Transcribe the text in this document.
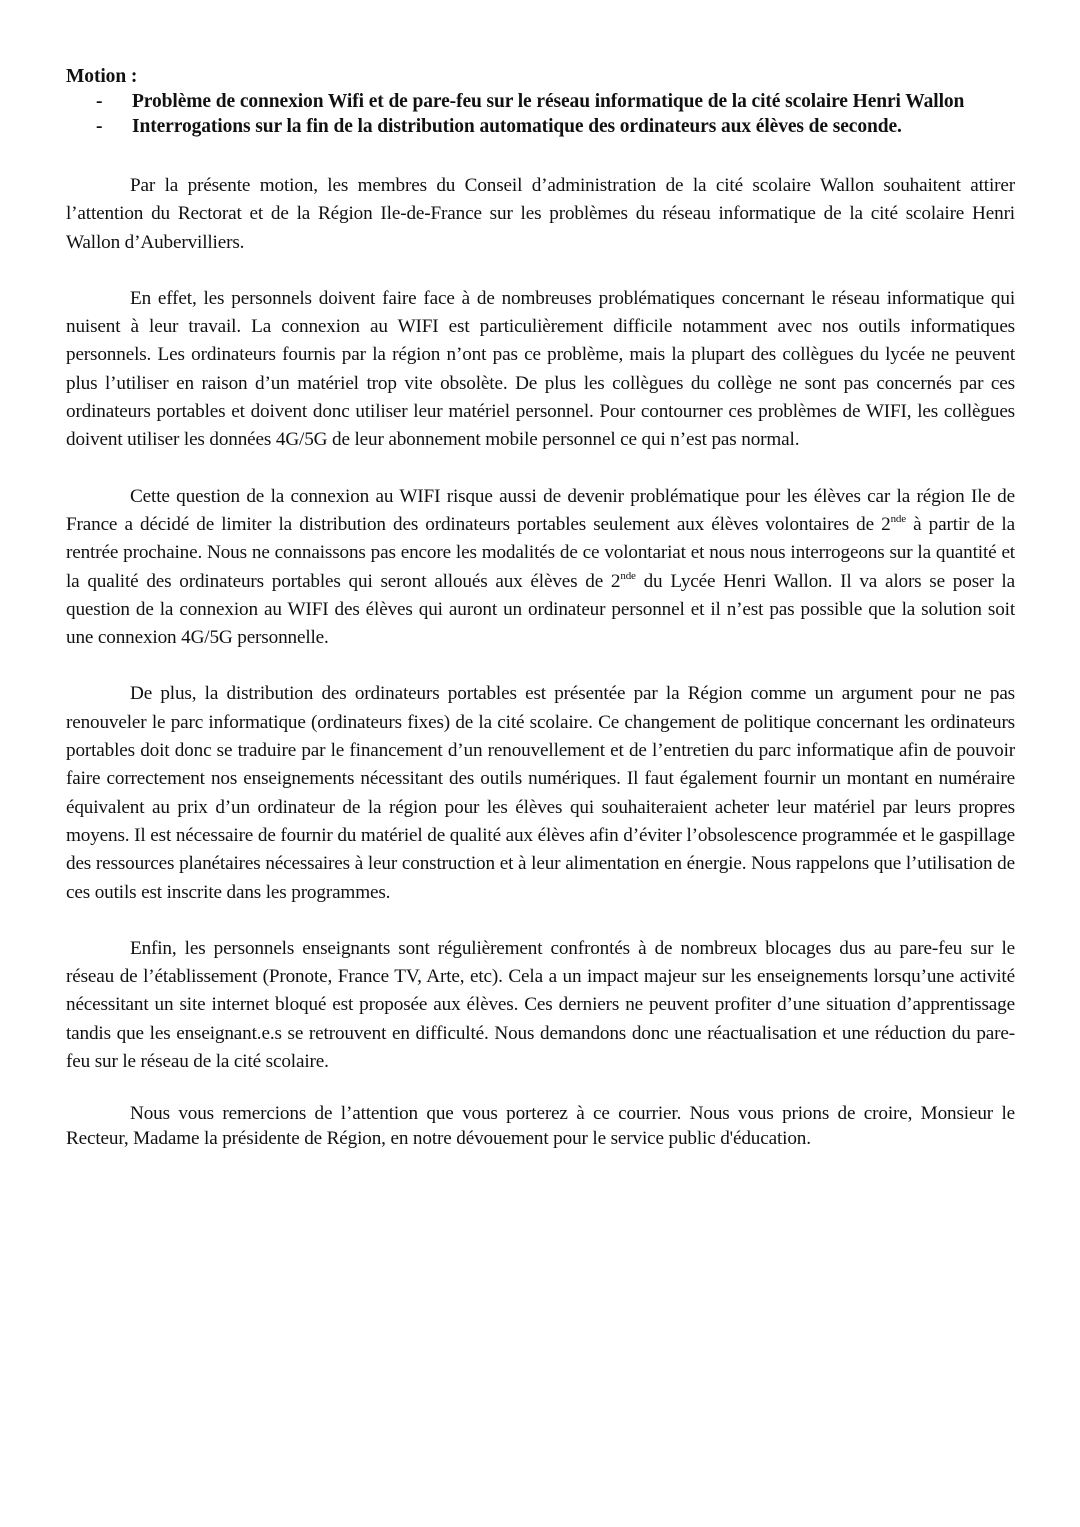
Motion :

- Problème de connexion Wifi et de pare-feu sur le réseau informatique de la cité scolaire Henri Wallon
- Interrogations sur la fin de la distribution automatique des ordinateurs aux élèves de seconde.

Par la présente motion, les membres du Conseil d’administration de la cité scolaire Wallon souhaitent attirer l’attention du Rectorat et de la Région Ile-de-France sur les problèmes du réseau informatique de la cité scolaire Henri Wallon d’Aubervilliers.

En effet, les personnels doivent faire face à de nombreuses problématiques concernant le réseau informatique qui nuisent à leur travail. La connexion au WIFI est particulièrement difficile notamment avec nos outils informatiques personnels. Les ordinateurs fournis par la région n’ont pas ce problème, mais la plupart des collègues du lycée ne peuvent plus l’utiliser en raison d’un matériel trop vite obsolète. De plus les collègues du collège ne sont pas concernés par ces ordinateurs portables et doivent donc utiliser leur matériel personnel. Pour contourner ces problèmes de WIFI, les collègues doivent utiliser les données 4G/5G de leur abonnement mobile personnel ce qui n’est pas normal.

Cette question de la connexion au WIFI risque aussi de devenir problématique pour les élèves car la région Ile de France a décidé de limiter la distribution des ordinateurs portables seulement aux élèves volontaires de 2nde à partir de la rentrée prochaine. Nous ne connaissons pas encore les modalités de ce volontariat et nous nous interrogeons sur la quantité et la qualité des ordinateurs portables qui seront alloués aux élèves de 2nde du Lycée Henri Wallon. Il va alors se poser la question de la connexion au WIFI des élèves qui auront un ordinateur personnel et il n’est pas possible que la solution soit une connexion 4G/5G personnelle.

De plus, la distribution des ordinateurs portables est présentée par la Région comme un argument pour ne pas renouveler le parc informatique (ordinateurs fixes) de la cité scolaire. Ce changement de politique concernant les ordinateurs portables doit donc se traduire par le financement d’un renouvellement et de l’entretien du parc informatique afin de pouvoir faire correctement nos enseignements nécessitant des outils numériques. Il faut également fournir un montant en numéraire équivalent au prix d’un ordinateur de la région pour les élèves qui souhaiteraient acheter leur matériel par leurs propres moyens. Il est nécessaire de fournir du matériel de qualité aux élèves afin d’éviter l’obsolescence programmée et le gaspillage des ressources planétaires nécessaires à leur construction et à leur alimentation en énergie. Nous rappelons que l’utilisation de ces outils est inscrite dans les programmes.

Enfin, les personnels enseignants sont régulièrement confrontés à de nombreux blocages dus au pare-feu sur le réseau de l’établissement (Pronote, France TV, Arte, etc). Cela a un impact majeur sur les enseignements lorsqu’une activité nécessitant un site internet bloqué est proposée aux élèves. Ces derniers ne peuvent profiter d’une situation d’apprentissage tandis que les enseignant.e.s se retrouvent en difficulté. Nous demandons donc une réactualisation et une réduction du pare-feu sur le réseau de la cité scolaire.

Nous vous remercions de l’attention que vous porterez à ce courrier. Nous vous prions de croire, Monsieur le Recteur, Madame la présidente de Région, en notre dévouement pour le service public d'éducation.
